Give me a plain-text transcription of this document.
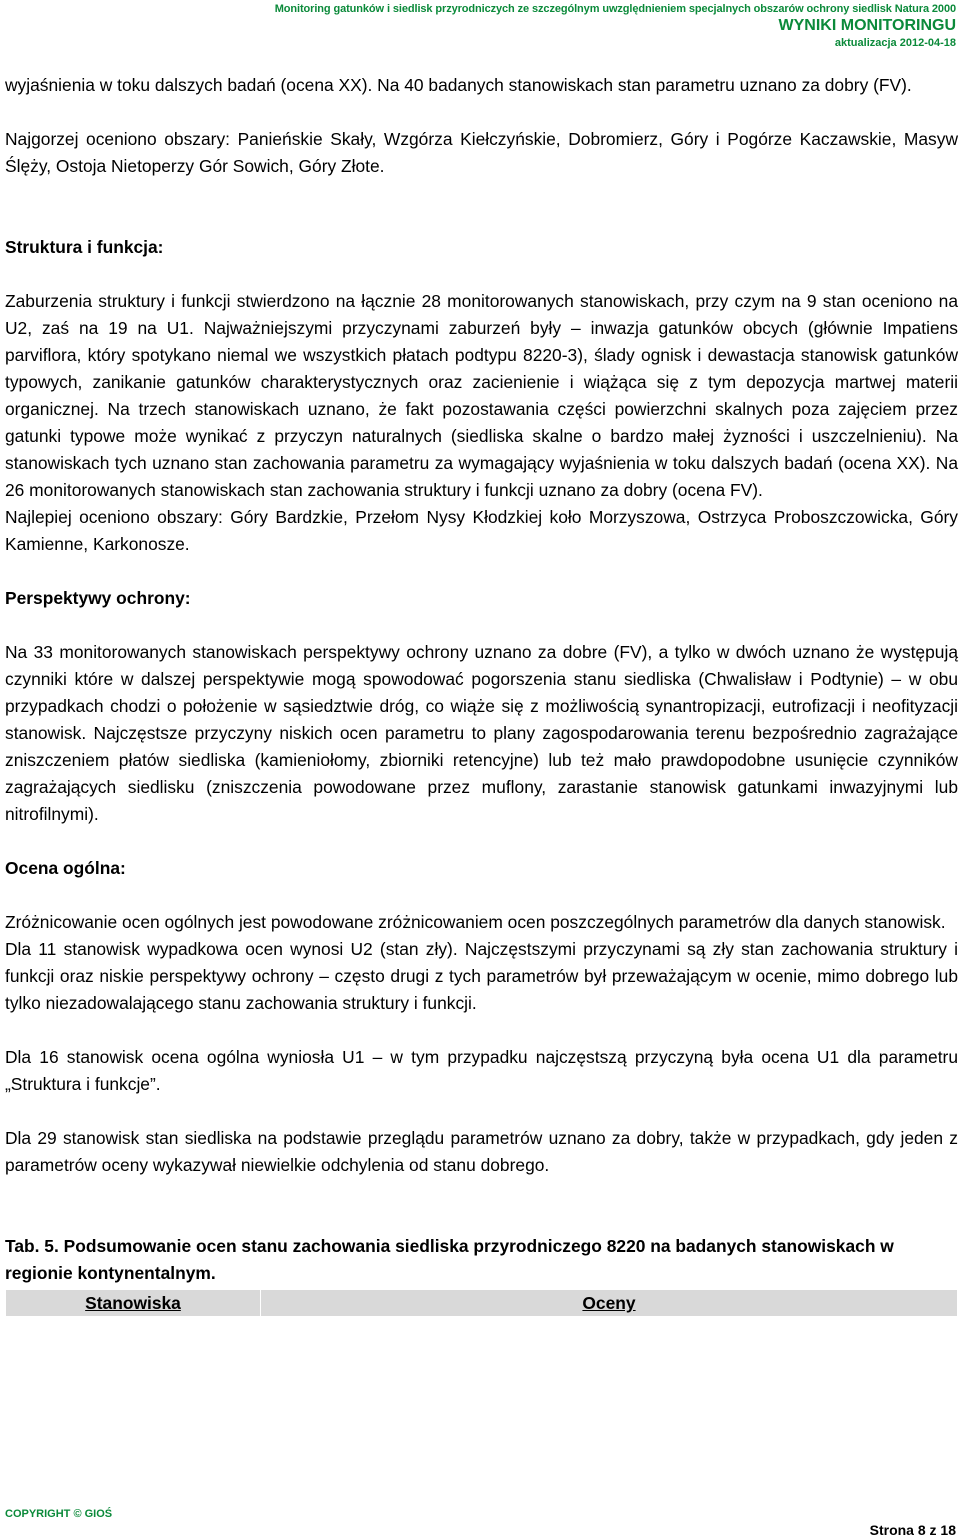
Monitoring gatunków i siedlisk przyrodniczych ze szczególnym uwzględnieniem specjalnych obszarów ochrony siedlisk Natura 2000
WYNIKI MONITORINGU
aktualizacja 2012-04-18

wyjaśnienia w toku dalszych badań (ocena XX). Na 40 badanych stanowiskach stan parametru uznano za dobry (FV).

Najgorzej oceniono obszary: Panieńskie Skały, Wzgórza Kiełczyńskie, Dobromierz, Góry i Pogórze Kaczawskie, Masyw Ślęży, Ostoja Nietoperzy Gór Sowich, Góry Złote.

Struktura i funkcja:

Zaburzenia struktury i funkcji stwierdzono na łącznie 28 monitorowanych stanowiskach, przy czym na 9 stan oceniono na U2, zaś na 19 na U1. Najważniejszymi przyczynami zaburzeń były – inwazja gatunków obcych (głównie Impatiens parviflora, który spotykano niemal we wszystkich płatach podtypu 8220-3), ślady ognisk i dewastacja stanowisk gatunków typowych, zanikanie gatunków charakterystycznych oraz zacienienie i wiążąca się z tym depozycja martwej materii organicznej. Na trzech stanowiskach uznano, że fakt pozostawania części powierzchni skalnych poza zajęciem przez gatunki typowe może wynikać z przyczyn naturalnych (siedliska skalne o bardzo małej żyzności i uszczelnieniu). Na stanowiskach tych uznano stan zachowania parametru za wymagający wyjaśnienia w toku dalszych badań (ocena XX). Na 26 monitorowanych stanowiskach stan zachowania struktury i funkcji uznano za dobry (ocena FV).

Najlepiej oceniono obszary: Góry Bardzkie, Przełom Nysy Kłodzkiej koło Morzyszowa, Ostrzyca Proboszczowicka, Góry Kamienne, Karkonosze.

Perspektywy ochrony:

Na 33 monitorowanych stanowiskach perspektywy ochrony uznano za dobre (FV), a tylko w dwóch uznano że występują czynniki które w dalszej perspektywie mogą spowodować pogorszenia stanu siedliska (Chwalisław i Podtynie) – w obu przypadkach chodzi o położenie w sąsiedztwie dróg, co wiąże się z możliwością synantropizacji, eutrofizacji i neofityzacji stanowisk. Najczęstsze przyczyny niskich ocen parametru to plany zagospodarowania terenu bezpośrednio zagrażające zniszczeniem płatów siedliska (kamieniołomy, zbiorniki retencyjne) lub też mało prawdopodobne usunięcie czynników zagrażających siedlisku (zniszczenia powodowane przez muflony, zarastanie stanowisk gatunkami inwazyjnymi lub nitrofilnymi).

Ocena ogólna:

Zróżnicowanie ocen ogólnych jest powodowane zróżnicowaniem ocen poszczególnych parametrów dla danych stanowisk.

Dla 11 stanowisk wypadkowa ocen wynosi U2 (stan zły). Najczęstszymi przyczynami są zły stan zachowania struktury i funkcji oraz niskie perspektywy ochrony – często drugi z tych parametrów był przeważającym w ocenie, mimo dobrego lub tylko niezadowalającego stanu zachowania struktury i funkcji.

Dla 16 stanowisk ocena ogólna wyniosła U1 – w tym przypadku najczęstszą przyczyną była ocena U1 dla parametru „Struktura i funkcje”.

Dla 29 stanowisk stan siedliska na podstawie przeglądu parametrów uznano za dobry, także w przypadkach, gdy jeden z parametrów oceny wykazywał niewielkie odchylenia od stanu dobrego.

Tab. 5. Podsumowanie ocen stanu zachowania siedliska przyrodniczego 8220 na badanych stanowiskach w regionie kontynentalnym.
Stanowiska	Oceny
COPYRIGHT © GIOŚ
Strona 8 z 18
